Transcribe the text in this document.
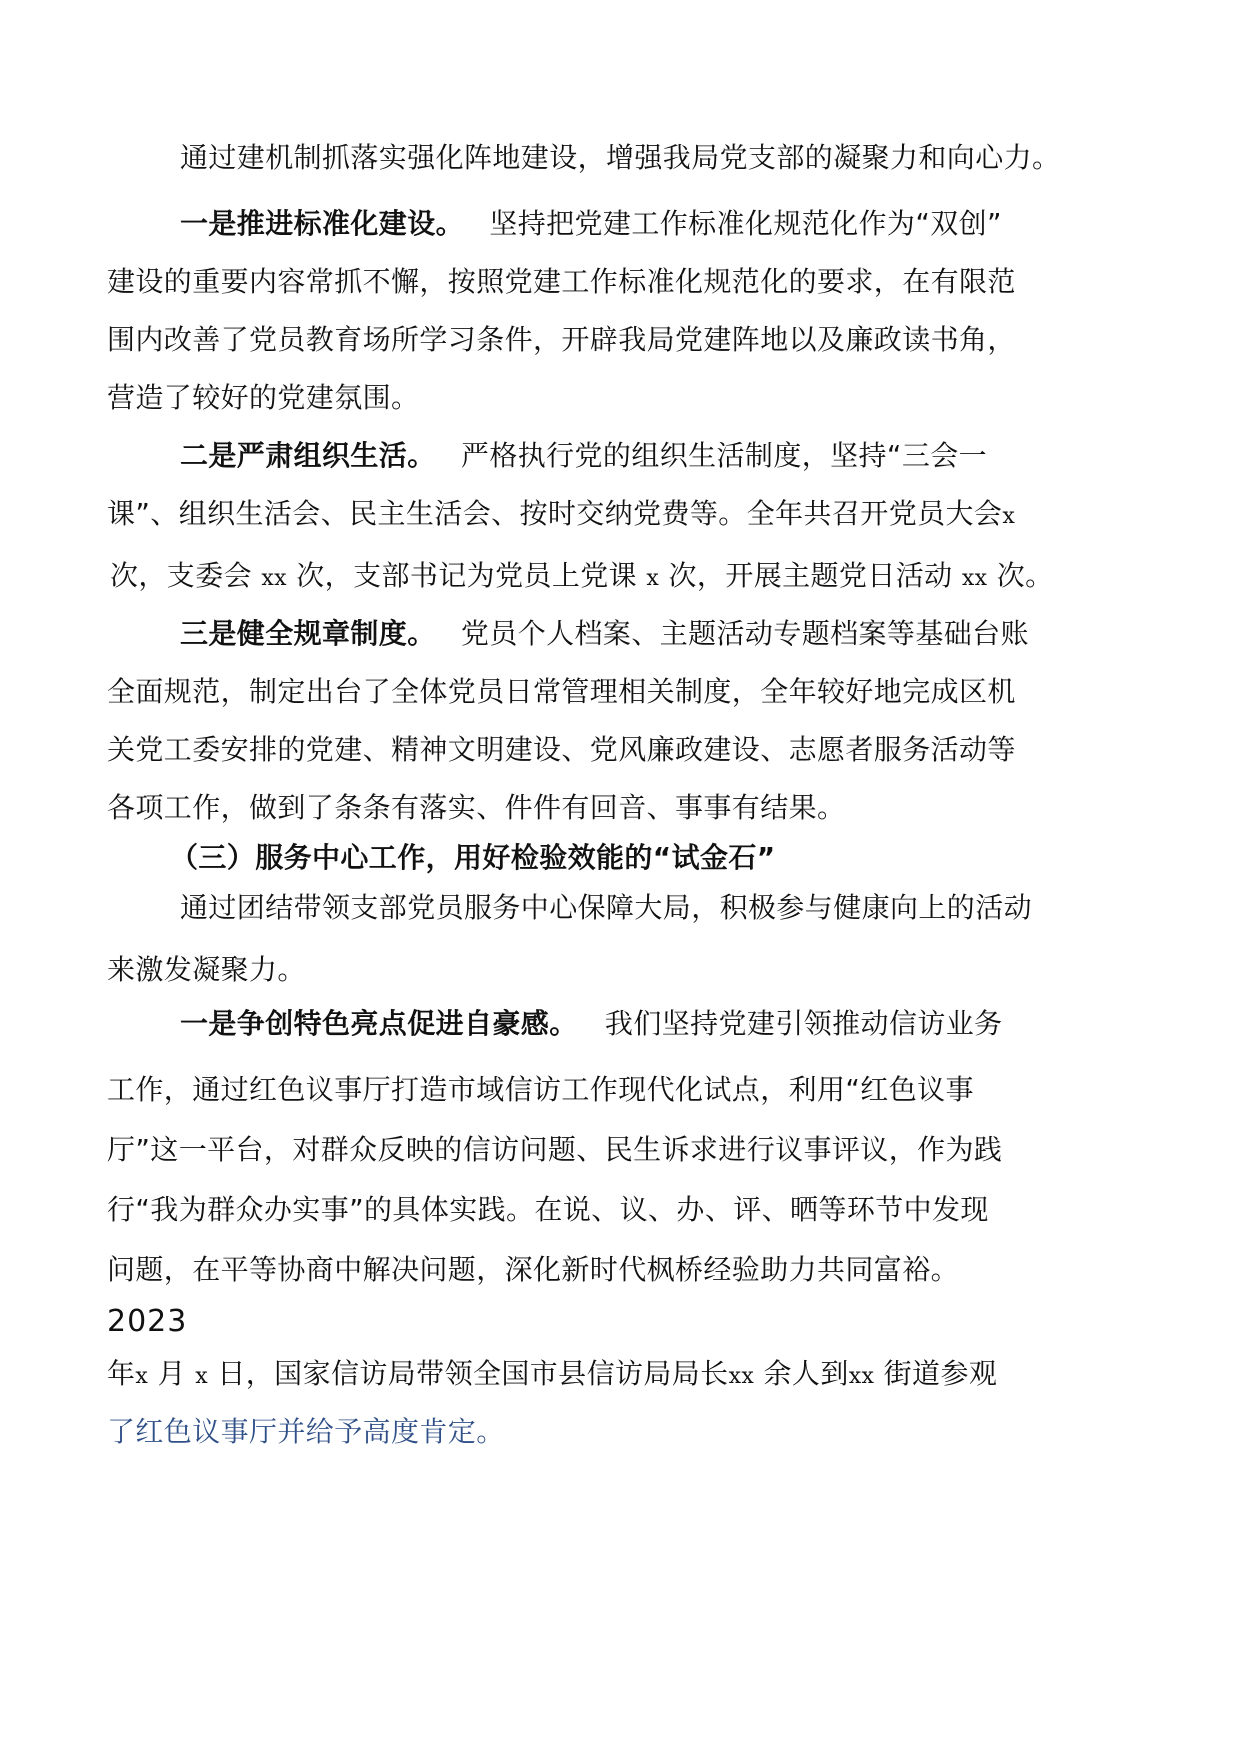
通过建机制抓落实强化阵地建设，增强我局党支部的凝聚力和向心力。
一是推进标准化建设。 坚持把党建工作标准化规范化作为“双创”
建设的重要内容常抓不懈，按照党建工作标准化规范化的要求，在有限范
围内改善了党员教育场所学习条件，开辟我局党建阵地以及廉政读书角，
营造了较好的党建氛围。
二是严肃组织生活。 严格执行党的组织生活制度，坚持“三会一
课”、组织生活会、民主生活会、按时交纳党费等。全年共召开党员大会x
次，支委会 xx 次，支部书记为党员上党课 x 次，开展主题党日活动 xx 次。
三是健全规章制度。 党员个人档案、主题活动专题档案等基础台账
全面规范，制定出台了全体党员日常管理相关制度，全年较好地完成区机
关党工委安排的党建、精神文明建设、党风廉政建设、志愿者服务活动等
各项工作，做到了条条有落实、件件有回音、事事有结果。
（三）服务中心工作，用好检验效能的“试金石”
通过团结带领支部党员服务中心保障大局，积极参与健康向上的活动
来激发凝聚力。
一是争创特色亮点促进自豪感。 我们坚持党建引领推动信访业务
工作，通过红色议事厅打造市域信访工作现代化试点，利用“红色议事
厅”这一平台，对群众反映的信访问题、民生诉求进行议事评议，作为践
行“我为群众办实事”的具体实践。在说、议、办、评、晒等环节中发现
问题，在平等协商中解决问题，深化新时代枫桥经验助力共同富裕。
2023
年x 月 x 日，国家信访局带领全国市县信访局局长xx 余人到xx 街道参观
了红色议事厅并给予高度肯定。
